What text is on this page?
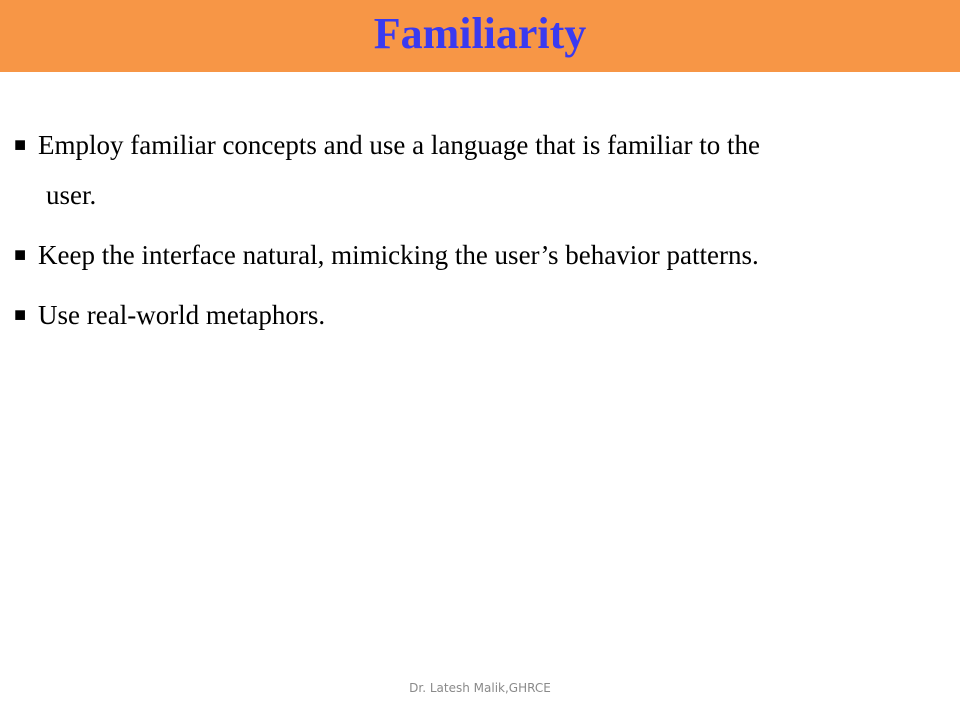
Familiarity
■ Employ familiar concepts and use a language that is familiar to the
user.
■ Keep the interface natural, mimicking the user’s behavior patterns.
■ Use real-world metaphors.
Dr. Latesh Malik,GHRCE
